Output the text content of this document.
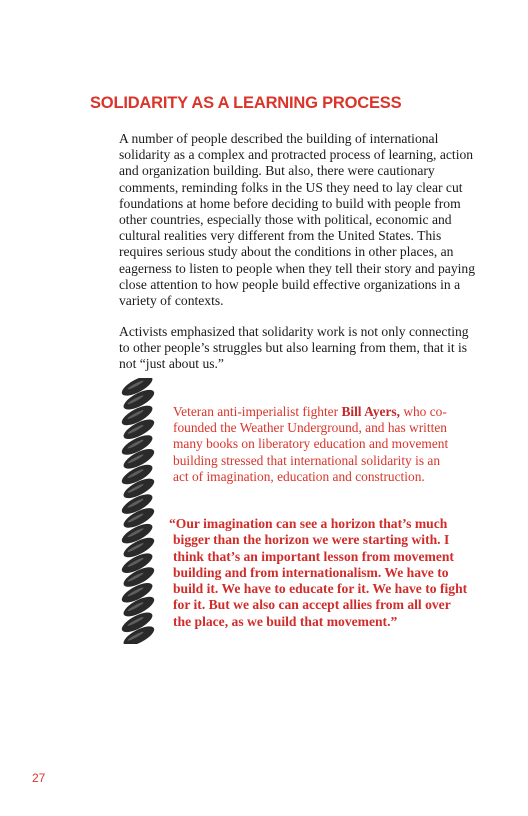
SOLIDARITY AS A LEARNING PROCESS

A number of people described the building of international solidarity as a complex and protracted process of learning, action and organization building. But also, there were cautionary comments, reminding folks in the US they need to lay clear cut foundations at home before deciding to build with people from other countries, especially those with political, economic and cultural realities very different from the United States. This requires serious study about the conditions in other places, an eagerness to listen to people when they tell their story and paying close attention to how people build effective organizations in a variety of contexts.

Activists emphasized that solidarity work is not only connecting to other people’s struggles but also learning from them, that it is not “just about us.”

Veteran anti-imperialist fighter Bill Ayers, who co-founded the Weather Underground, and has written many books on liberatory education and movement building stressed that international solidarity is an act of imagination, education and construction.

“Our imagination can see a horizon that’s much bigger than the horizon we were starting with. I think that’s an important lesson from movement building and from internationalism. We have to build it. We have to educate for it. We have to fight for it. But we also can accept allies from all over the place, as we build that movement.”

27
